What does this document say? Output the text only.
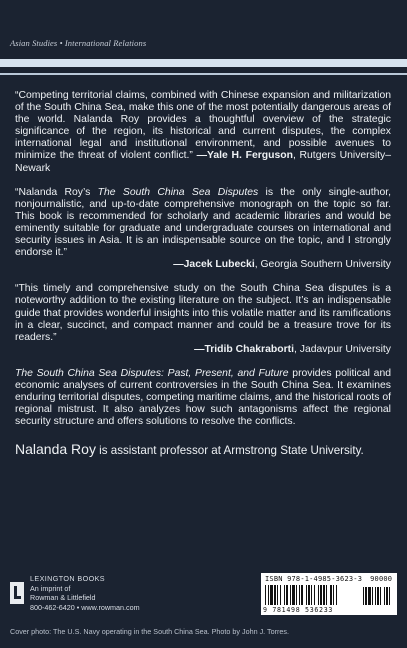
Asian Studies • International Relations
“Competing territorial claims, combined with Chinese expansion and militarization of the South China Sea, make this one of the most potentially dangerous areas of the world. Nalanda Roy provides a thoughtful overview of the strategic significance of the region, its historical and current disputes, the complex international legal and institutional environment, and possible avenues to minimize the threat of violent conflict.” —Yale H. Ferguson, Rutgers University–Newark
“Nalanda Roy’s The South China Sea Disputes is the only single-author, nonjournalistic, and up-to-date comprehensive monograph on the topic so far. This book is recommended for scholarly and academic libraries and would be eminently suitable for graduate and undergraduate courses on international and security issues in Asia. It is an indispensable source on the topic, and I strongly endorse it.”
—Jacek Lubecki, Georgia Southern University
“This timely and comprehensive study on the South China Sea disputes is a noteworthy addition to the existing literature on the subject. It’s an indispensable guide that provides wonderful insights into this volatile matter and its ramifications in a clear, succinct, and compact manner and could be a treasure trove for its readers.”
—Tridib Chakraborti, Jadavpur University
The South China Sea Disputes: Past, Present, and Future provides political and economic analyses of current controversies in the South China Sea. It examines enduring territorial disputes, competing maritime claims, and the historical roots of regional mistrust. It also analyzes how such antagonisms affect the regional security structure and offers solutions to resolve the conflicts.
Nalanda Roy is assistant professor at Armstrong State University.
LEXINGTON BOOKS
An imprint of
Rowman & Littlefield
800-462-6420 • www.rowman.com
ISBN 978-1-4985-3623-3 90000
9 781498 536233
Cover photo: The U.S. Navy operating in the South China Sea. Photo by John J. Torres.
